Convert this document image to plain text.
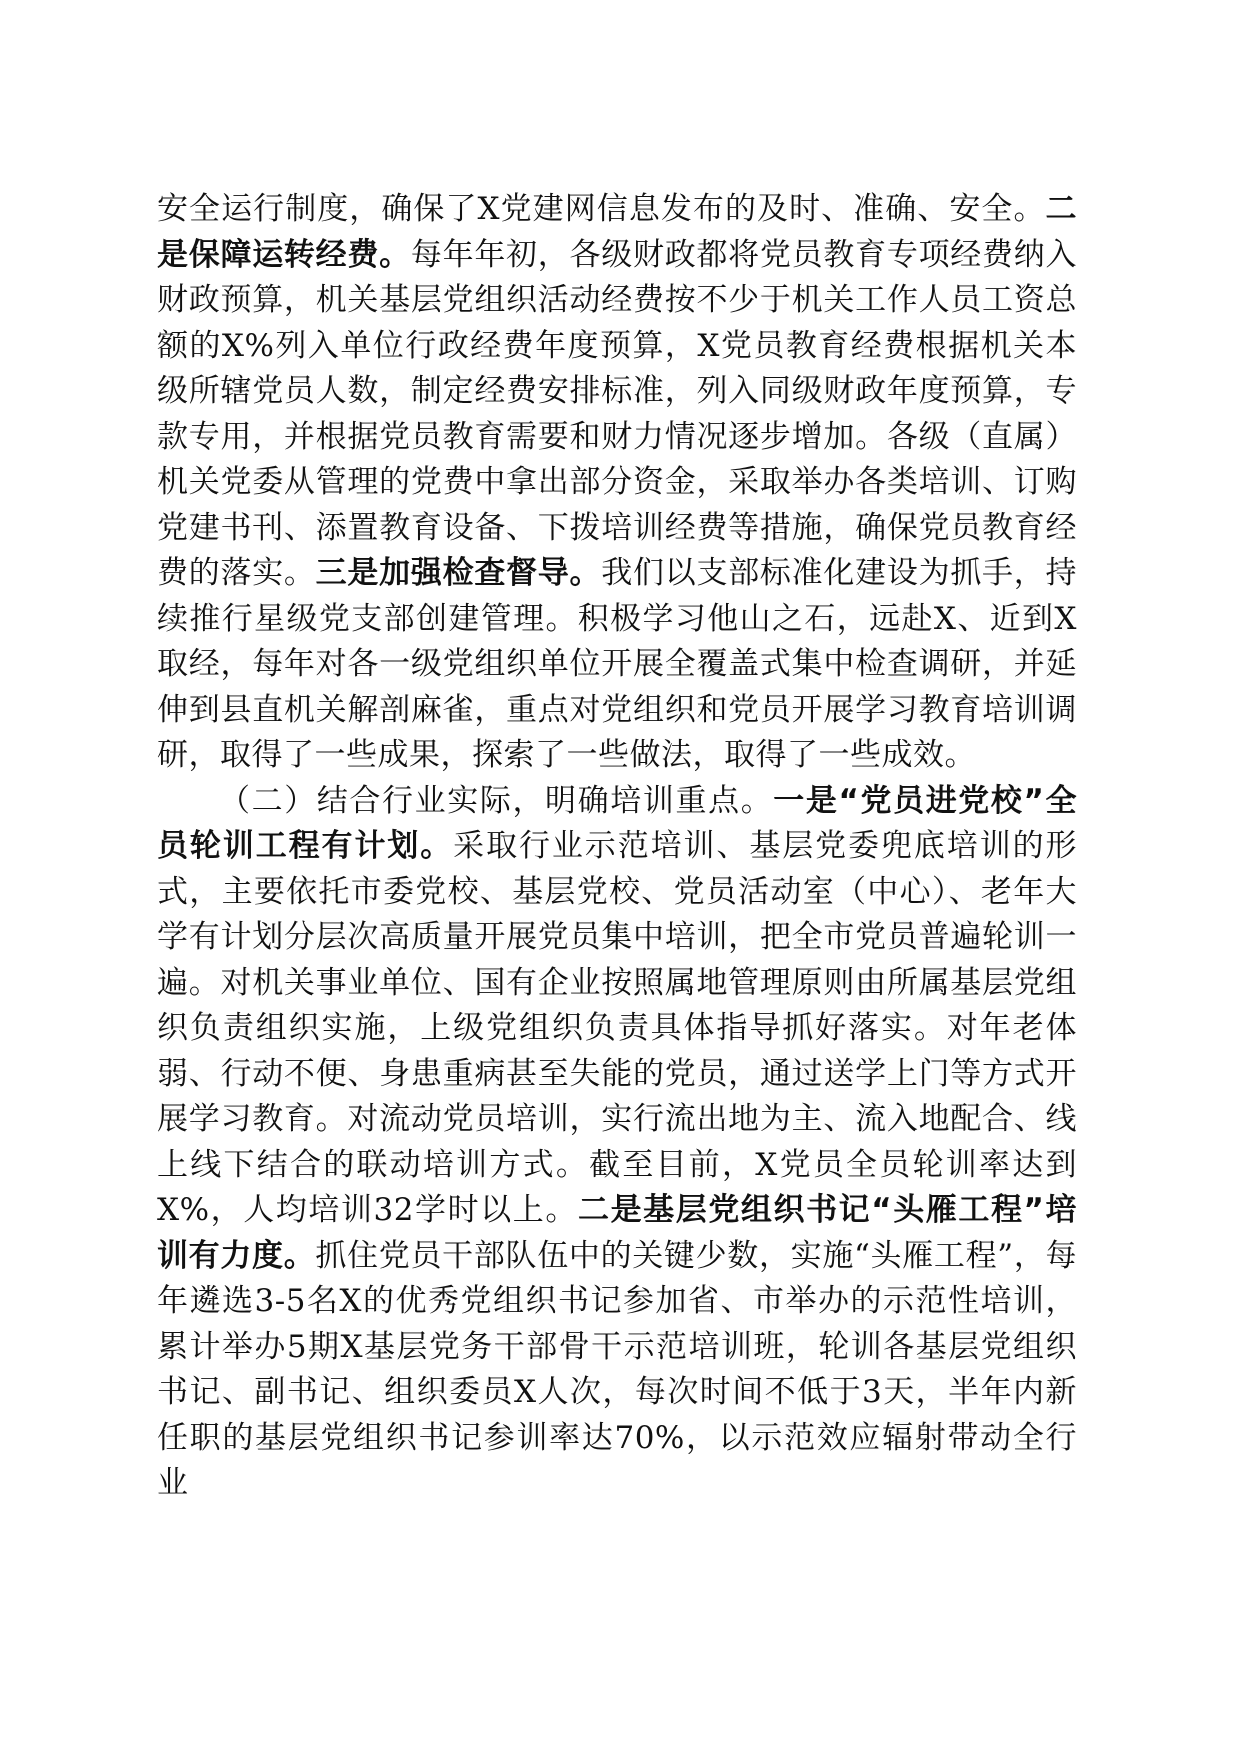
安全运行制度，确保了X党建网信息发布的及时、准确、安全。二是保障运转经费。每年年初，各级财政都将党员教育专项经费纳入财政预算，机关基层党组织活动经费按不少于机关工作人员工资总额的X%列入单位行政经费年度预算，X党员教育经费根据机关本级所辖党员人数，制定经费安排标准，列入同级财政年度预算，专款专用，并根据党员教育需要和财力情况逐步增加。各级（直属）机关党委从管理的党费中拿出部分资金，采取举办各类培训、订购党建书刊、添置教育设备、下拨培训经费等措施，确保党员教育经费的落实。三是加强检查督导。我们以支部标准化建设为抓手，持续推行星级党支部创建管理。积极学习他山之石，远赴X、近到X取经，每年对各一级党组织单位开展全覆盖式集中检查调研，并延伸到县直机关解剖麻雀，重点对党组织和党员开展学习教育培训调研，取得了一些成果，探索了一些做法，取得了一些成效。

（二）结合行业实际，明确培训重点。一是“党员进党校”全员轮训工程有计划。采取行业示范培训、基层党委兜底培训的形式，主要依托市委党校、基层党校、党员活动室（中心）、老年大学有计划分层次高质量开展党员集中培训，把全市党员普遍轮训一遍。对机关事业单位、国有企业按照属地管理原则由所属基层党组织负责组织实施，上级党组织负责具体指导抓好落实。对年老体弱、行动不便、身患重病甚至失能的党员，通过送学上门等方式开展学习教育。对流动党员培训，实行流出地为主、流入地配合、线上线下结合的联动培训方式。截至目前，X党员全员轮训率达到X%，人均培训32学时以上。二是基层党组织书记“头雁工程”培训有力度。抓住党员干部队伍中的关键少数，实施“头雁工程”，每年遴选3-5名X的优秀党组织书记参加省、市举办的示范性培训，累计举办5期X基层党务干部骨干示范培训班，轮训各基层党组织书记、副书记、组织委员X人次，每次时间不低于3天，半年内新任职的基层党组织书记参训率达70%，以示范效应辐射带动全行业
